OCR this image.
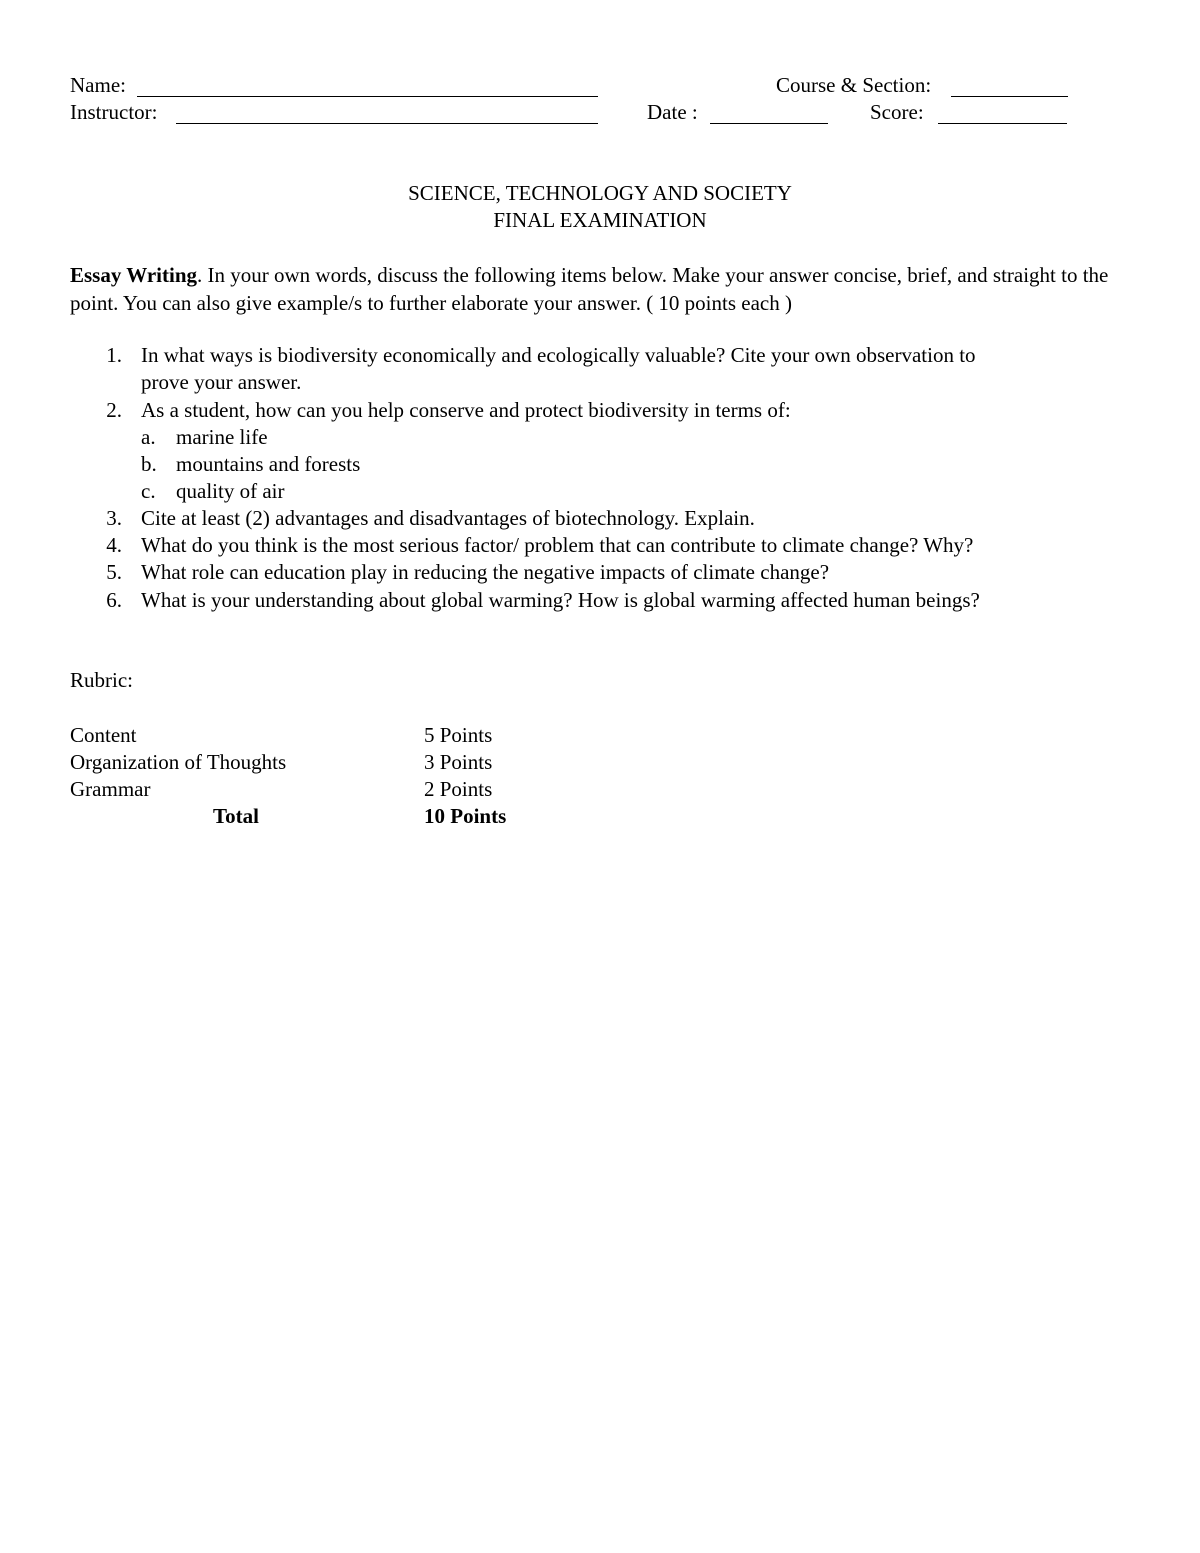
Name:	Course & Section:
Instructor:	Date :	Score:
SCIENCE, TECHNOLOGY AND SOCIETY
FINAL EXAMINATION
Essay Writing. In your own words, discuss the following items below. Make your answer concise, brief, and straight to the point. You can also give example/s to further elaborate your answer. ( 10 points each )
1. In what ways is biodiversity economically and ecologically valuable? Cite your own observation to
prove your answer.
2. As a student, how can you help conserve and protect biodiversity in terms of:
a. marine life
b. mountains and forests
c. quality of air
3. Cite at least (2) advantages and disadvantages of biotechnology. Explain.
4. What do you think is the most serious factor/ problem that can contribute to climate change? Why?
5. What role can education play in reducing the negative impacts of climate change?
6. What is your understanding about global warming? How is global warming affected human beings?
Rubric:
Content	5 Points
Organization of Thoughts	3 Points
Grammar	2 Points
Total	10 Points
